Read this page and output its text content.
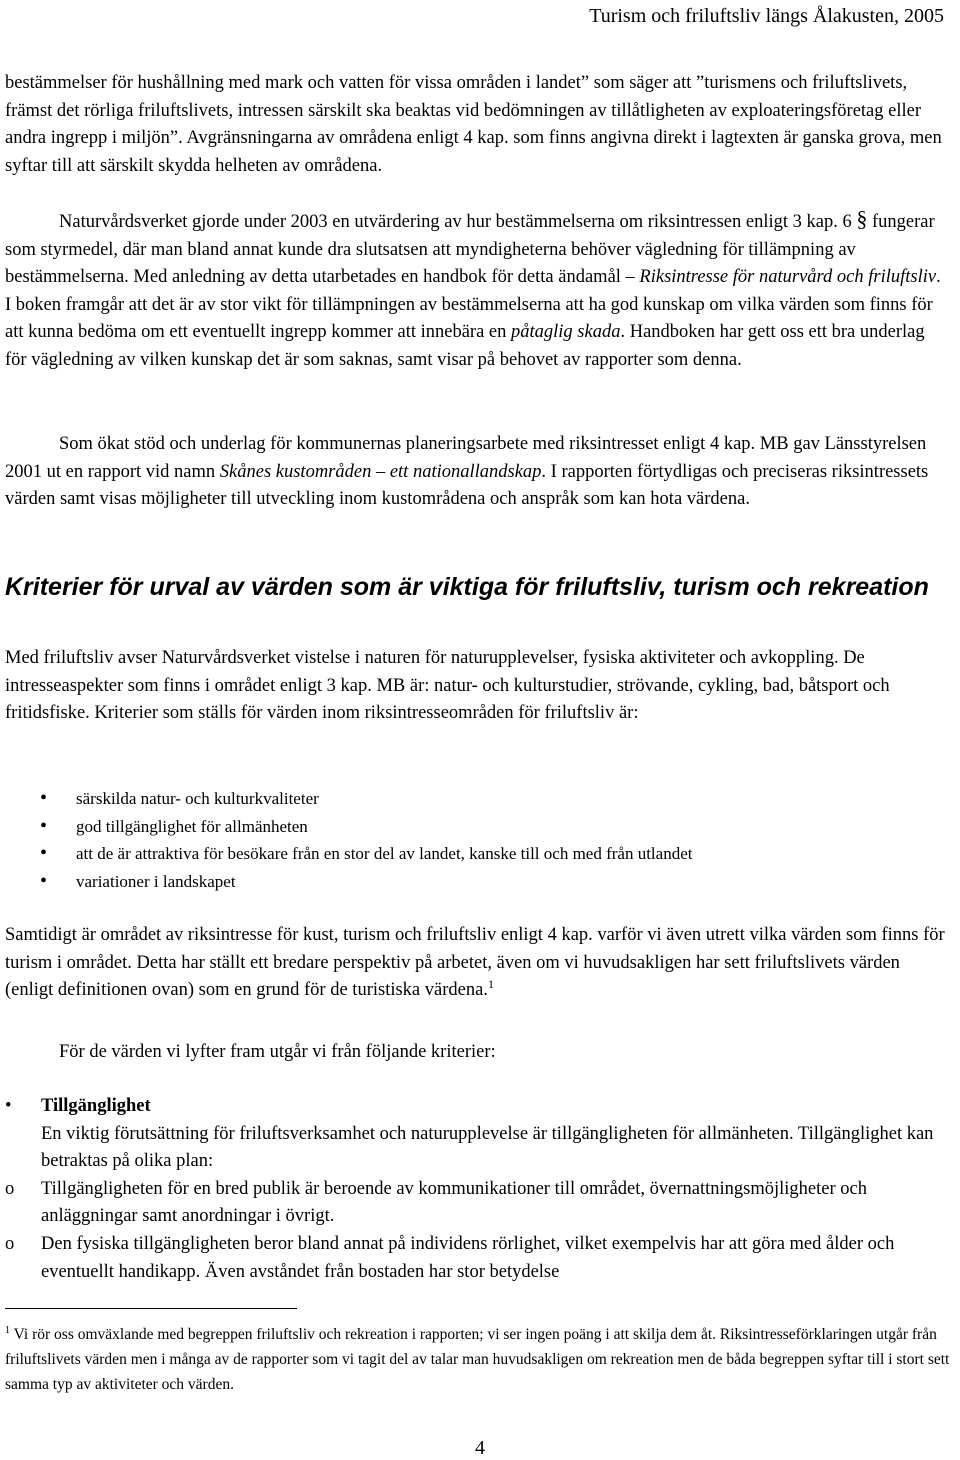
Turism och friluftsliv längs Ålakusten, 2005

bestämmelser för hushållning med mark och vatten för vissa områden i landet” som säger att ”turismens och friluftslivets, främst det rörliga friluftslivets, intressen särskilt ska beaktas vid bedömningen av tillåtligheten av exploateringsföretag eller andra ingrepp i miljön”. Avgränsningarna av områdena enligt 4 kap. som finns angivna direkt i lagtexten är ganska grova, men syftar till att särskilt skydda helheten av områdena.

Naturvårdsverket gjorde under 2003 en utvärdering av hur bestämmelserna om riksintressen enligt 3 kap. 6 § fungerar som styrmedel, där man bland annat kunde dra slutsatsen att myndigheterna behöver vägledning för tillämpning av bestämmelserna. Med anledning av detta utarbetades en handbok för detta ändamål – Riksintresse för naturvård och friluftsliv. I boken framgår att det är av stor vikt för tillämpningen av bestämmelserna att ha god kunskap om vilka värden som finns för att kunna bedöma om ett eventuellt ingrepp kommer att innebära en påtaglig skada. Handboken har gett oss ett bra underlag för vägledning av vilken kunskap det är som saknas, samt visar på behovet av rapporter som denna.

Som ökat stöd och underlag för kommunernas planeringsarbete med riksintresset enligt 4 kap. MB gav Länsstyrelsen 2001 ut en rapport vid namn Skånes kustområden – ett nationallandskap. I rapporten förtydligas och preciseras riksintressets värden samt visas möjligheter till utveckling inom kustområdena och anspråk som kan hota värdena.

Kriterier för urval av värden som är viktiga för friluftsliv, turism och rekreation

Med friluftsliv avser Naturvårdsverket vistelse i naturen för naturupplevelser, fysiska aktiviteter och avkoppling. De intresseaspekter som finns i området enligt 3 kap. MB är: natur- och kulturstudier, strövande, cykling, bad, båtsport och fritidsfiske. Kriterier som ställs för värden inom riksintresseområden för friluftsliv är:

• särskilda natur- och kulturkvaliteter
• god tillgänglighet för allmänheten
• att de är attraktiva för besökare från en stor del av landet, kanske till och med från utlandet
• variationer i landskapet

Samtidigt är området av riksintresse för kust, turism och friluftsliv enligt 4 kap. varför vi även utrett vilka värden som finns för turism i området. Detta har ställt ett bredare perspektiv på arbetet, även om vi huvudsakligen har sett friluftslivets värden (enligt definitionen ovan) som en grund för de turistiska värdena.$^1$

För de värden vi lyfter fram utgår vi från följande kriterier:

• Tillgänglighet
En viktig förutsättning för friluftsverksamhet och naturupplevelse är tillgängligheten för allmänheten. Tillgänglighet kan betraktas på olika plan:
o Tillgängligheten för en bred publik är beroende av kommunikationer till området, övernattningsmöjligheter och anläggningar samt anordningar i övrigt.
o Den fysiska tillgängligheten beror bland annat på individens rörlighet, vilket exempelvis har att göra med ålder och eventuellt handikapp. Även avståndet från bostaden har stor betydelse

$^1$ Vi rör oss omväxlande med begreppen friluftsliv och rekreation i rapporten; vi ser ingen poäng i att skilja dem åt. Riksintresseförklaringen utgår från friluftslivets värden men i många av de rapporter som vi tagit del av talar man huvudsakligen om rekreation men de båda begreppen syftar till i stort sett samma typ av aktiviteter och värden.

4
